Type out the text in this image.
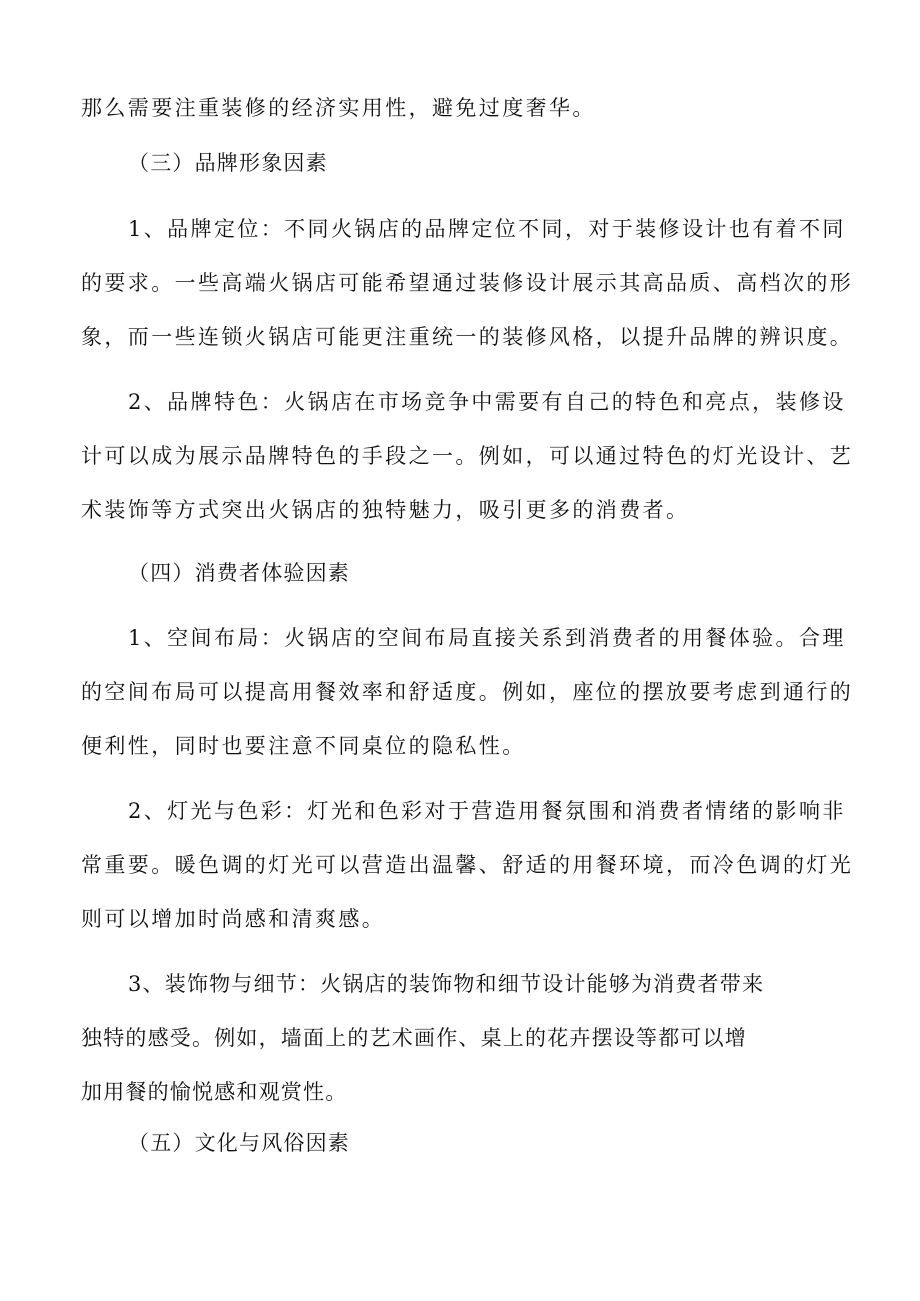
那么需要注重装修的经济实用性，避免过度奢华。
（三）品牌形象因素
1、品牌定位：不同火锅店的品牌定位不同，对于装修设计也有着不同
的要求。一些高端火锅店可能希望通过装修设计展示其高品质、高档次的形
象，而一些连锁火锅店可能更注重统一的装修风格，以提升品牌的辨识度。
2、品牌特色：火锅店在市场竞争中需要有自己的特色和亮点，装修设
计可以成为展示品牌特色的手段之一。例如，可以通过特色的灯光设计、艺
术装饰等方式突出火锅店的独特魅力，吸引更多的消费者。
（四）消费者体验因素
1、空间布局：火锅店的空间布局直接关系到消费者的用餐体验。合理
的空间布局可以提高用餐效率和舒适度。例如，座位的摆放要考虑到通行的
便利性，同时也要注意不同桌位的隐私性。
2、灯光与色彩：灯光和色彩对于营造用餐氛围和消费者情绪的影响非
常重要。暖色调的灯光可以营造出温馨、舒适的用餐环境，而冷色调的灯光
则可以增加时尚感和清爽感。
3、装饰物与细节：火锅店的装饰物和细节设计能够为消费者带来
独特的感受。例如，墙面上的艺术画作、桌上的花卉摆设等都可以增
加用餐的愉悦感和观赏性。
（五）文化与风俗因素
